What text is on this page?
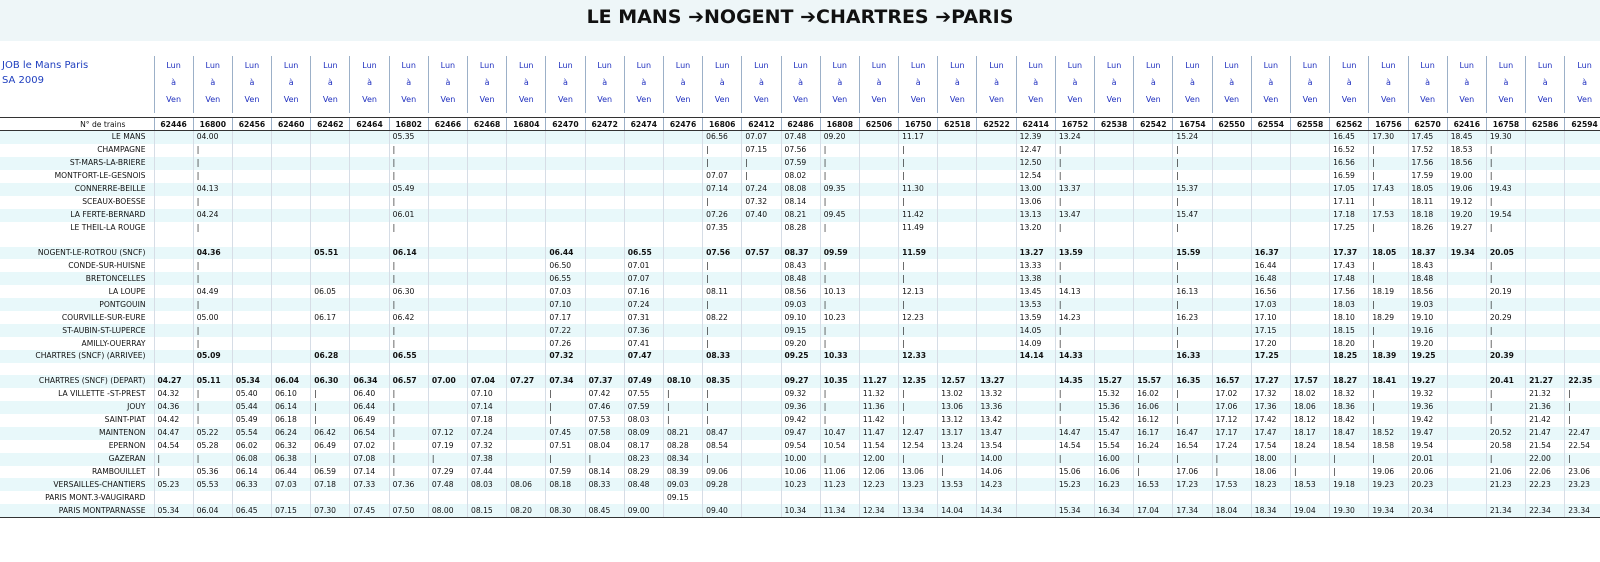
LE MANS ➔NOGENT ➔CHARTRES ➔PARIS
JOB le Mans Paris
SA 2009

	Lun
à
Ven	Lun
à
Ven	Lun
à
Ven	Lun
à
Ven	Lun
à
Ven	Lun
à
Ven	Lun
à
Ven	Lun
à
Ven	Lun
à
Ven	Lun
à
Ven	Lun
à
Ven	Lun
à
Ven	Lun
à
Ven	Lun
à
Ven	Lun
à
Ven	Lun
à
Ven	Lun
à
Ven	Lun
à
Ven	Lun
à
Ven	Lun
à
Ven	Lun
à
Ven	Lun
à
Ven	Lun
à
Ven	Lun
à
Ven	Lun
à
Ven	Lun
à
Ven	Lun
à
Ven	Lun
à
Ven	Lun
à
Ven	Lun
à
Ven	Lun
à
Ven	Lun
à
Ven	Lun
à
Ven	Lun
à
Ven	Lun
à
Ven	Lun
à
Ven	Lun
à
Ven

N° de trains	62446	16800	62456	62460	62462	62464	16802	62466	62468	16804	62470	62472	62474	62476	16806	62412	62486	16808	62506	16750	62518	62522	62414	16752	62538	62542	16754	62550	62554	62558	62562	16756	62570	62416	16758	62586	62594
LE MANS		04.00					05.35								06.56	07.07	07.48	09.20		11.17			12.39	13.24			15.24				16.45	17.30	17.45	18.45	19.30		
CHAMPAGNE		|					|								|	07.15	07.56	|		|			12.47	|			|				16.52	|	17.52	18.53	|		
ST-MARS-LA-BRIERE		|					|								|	|	07.59	|		|			12.50	|			|				16.56	|	17.56	18.56	|		
MONTFORT-LE-GESNOIS		|					|								07.07	|	08.02	|		|			12.54	|			|				16.59	|	17.59	19.00	|		
CONNERRE-BEILLE		04.13					05.49								07.14	07.24	08.08	09.35		11.30			13.00	13.37			15.37				17.05	17.43	18.05	19.06	19.43		
SCEAUX-BOESSE		|					|								|	07.32	08.14	|		|			13.06	|			|				17.11	|	18.11	19.12	|		
LA FERTE-BERNARD		04.24					06.01								07.26	07.40	08.21	09.45		11.42			13.13	13.47			15.47				17.18	17.53	18.18	19.20	19.54		
LE THEIL-LA ROUGE		|					|								07.35		08.28	|		11.49			13.20	|			|				17.25	|	18.26	19.27	|		

NOGENT-LE-ROTROU (SNCF)		04.36			05.51		06.14				06.44		06.55		07.56	07.57	08.37	09.59		11.59			13.27	13.59			15.59		16.37		17.37	18.05	18.37	19.34	20.05		
CONDE-SUR-HUISNE		|					|				06.50		07.01		|		08.43	|		|			13.33	|			|		16.44		17.43	|	18.43		|		
BRETONCELLES		|					|				06.55		07.07		|		08.48	|		|			13.38	|			|		16.48		17.48	|	18.48		|		
LA LOUPE		04.49			06.05		06.30				07.03		07.16		08.11		08.56	10.13		12.13			13.45	14.13			16.13		16.56		17.56	18.19	18.56		20.19		
PONTGOUIN		|					|				07.10		07.24		|		09.03	|		|			13.53	|			|		17.03		18.03	|	19.03		|		
COURVILLE-SUR-EURE		05.00			06.17		06.42				07.17		07.31		08.22		09.10	10.23		12.23			13.59	14.23			16.23		17.10		18.10	18.29	19.10		20.29		
ST-AUBIN-ST-LUPERCE		|					|				07.22		07.36		|		09.15	|		|			14.05	|			|		17.15		18.15	|	19.16		|		
AMILLY-OUERRAY		|					|				07.26		07.41		|		09.20	|		|			14.09	|			|		17.20		18.20	|	19.20		|		
CHARTRES (SNCF) (ARRIVEE)		05.09			06.28		06.55				07.32		07.47		08.33		09.25	10.33		12.33			14.14	14.33			16.33		17.25		18.25	18.39	19.25		20.39		

CHARTRES (SNCF) (DEPART)	04.27	05.11	05.34	06.04	06.30	06.34	06.57	07.00	07.04	07.27	07.34	07.37	07.49	08.10	08.35		09.27	10.35	11.27	12.35	12.57	13.27		14.35	15.27	15.57	16.35	16.57	17.27	17.57	18.27	18.41	19.27		20.41	21.27	22.35
LA VILLETTE -ST-PREST	04.32	|	05.40	06.10	|	06.40	|		07.10		|	07.42	07.55	|	|		09.32	|	11.32	|	13.02	13.32		|	15.32	16.02	|	17.02	17.32	18.02	18.32	|	19.32		|	21.32	|
JOUY	04.36	|	05.44	06.14	|	06.44	|		07.14		|	07.46	07.59	|	|		09.36	|	11.36	|	13.06	13.36		|	15.36	16.06	|	17.06	17.36	18.06	18.36	|	19.36		|	21.36	|
SAINT-PIAT	04.42	|	05.49	06.18	|	06.49	|		07.18		|	07.53	08.03	|	|		09.42	|	11.42	|	13.12	13.42		|	15.42	16.12	|	17.12	17.42	18.12	18.42	|	19.42		|	21.42	|
MAINTENON	04.47	05.22	05.54	06.24	06.42	06.54	|	07.12	07.24		07.45	07.58	08.09	08.21	08.47		09.47	10.47	11.47	12.47	13.17	13.47		14.47	15.47	16.17	16.47	17.17	17.47	18.17	18.47	18.52	19.47		20.52	21.47	22.47
EPERNON	04.54	05.28	06.02	06.32	06.49	07.02	|	07.19	07.32		07.51	08.04	08.17	08.28	08.54		09.54	10.54	11.54	12.54	13.24	13.54		14.54	15.54	16.24	16.54	17.24	17.54	18.24	18.54	18.58	19.54		20.58	21.54	22.54
GAZERAN	|	|	06.08	06.38	|	07.08	|	|	07.38		|	|	08.23	08.34	|		10.00	|	12.00	|	|	14.00		|	16.00	|	|	|	18.00	|	|	|	20.01		|	22.00	|
RAMBOUILLET	|	05.36	06.14	06.44	06.59	07.14	|	07.29	07.44		07.59	08.14	08.29	08.39	09.06		10.06	11.06	12.06	13.06	|	14.06		15.06	16.06	|	17.06	|	18.06	|	|	19.06	20.06		21.06	22.06	23.06
VERSAILLES-CHANTIERS	05.23	05.53	06.33	07.03	07.18	07.33	07.36	07.48	08.03	08.06	08.18	08.33	08.48	09.03	09.28		10.23	11.23	12.23	13.23	13.53	14.23		15.23	16.23	16.53	17.23	17.53	18.23	18.53	19.18	19.23	20.23		21.23	22.23	23.23
PARIS MONT.3-VAUGIRARD														09.15																							
PARIS MONTPARNASSE	05.34	06.04	06.45	07.15	07.30	07.45	07.50	08.00	08.15	08.20	08.30	08.45	09.00		09.40		10.34	11.34	12.34	13.34	14.04	14.34		15.34	16.34	17.04	17.34	18.04	18.34	19.04	19.30	19.34	20.34		21.34	22.34	23.34
